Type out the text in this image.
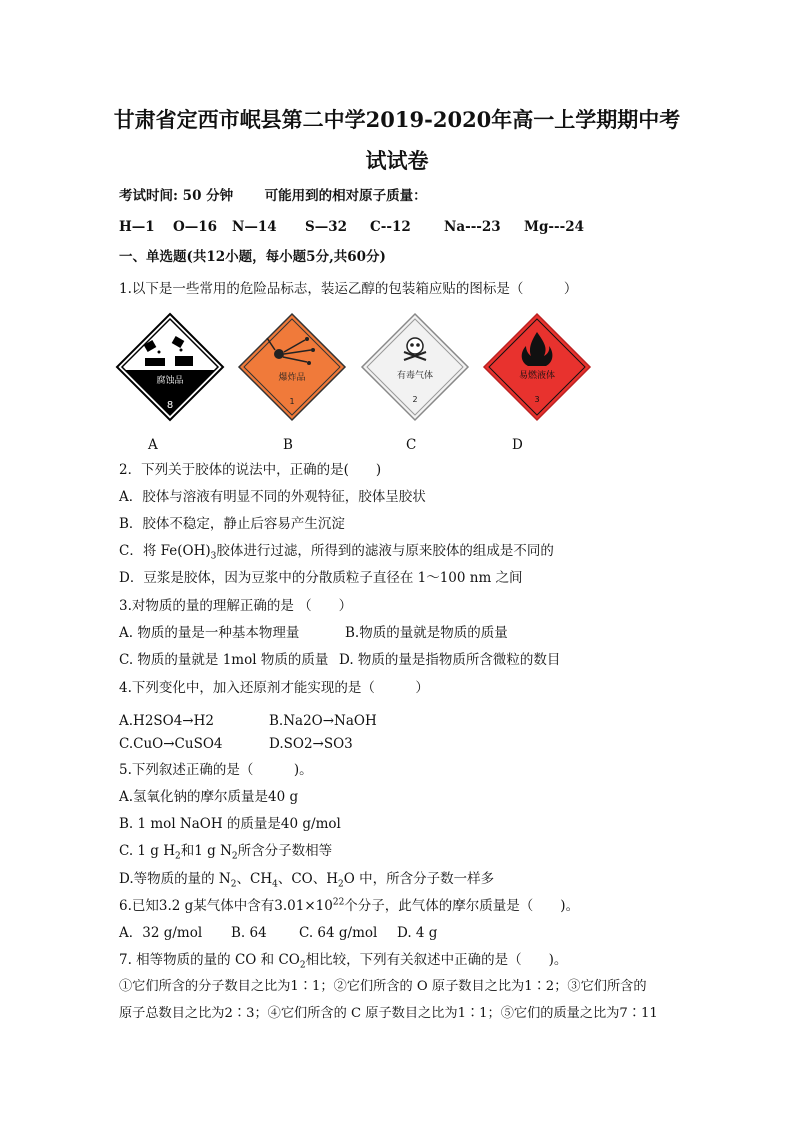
甘肃省定西市岷县第二中学2019-2020年高一上学期期中考
试试卷
考试时间: 50 分钟 可能用到的相对原子质量：
H—1 O—16 N—14 S—32 C--12 Na---23 Mg---24
一、单选题(共12小题，每小题5分,共60分)
1.以下是一些常用的危险品标志，装运乙醇的包装箱应贴的图标是（　　　）
腐蚀品
8
爆炸品
1
有毒气体
2
易燃液体
3
A	B	C	D
2．下列关于胶体的说法中，正确的是(　　)
A．胶体与溶液有明显不同的外观特征，胶体呈胶状
B．胶体不稳定，静止后容易产生沉淀
C．将 $Fe(OH)_3$胶体进行过滤，所得到的滤液与原来胶体的组成是不同的
D．豆浆是胶体，因为豆浆中的分散质粒子直径在 1～100 nm 之间
3.对物质的量的理解正确的是 （　　）
A. 物质的量是一种基本物理量	B.物质的量就是物质的质量
C. 物质的量就是 1mol 物质的质量 D. 物质的量是指物质所含微粒的数目
4.下列变化中，加入还原剂才能实现的是（　　　）
A.H2SO4→H2	B.Na2O→NaOH
C.CuO→CuSO4	D.SO2→SO3
5.下列叙述正确的是（　　　)。
A.氢氧化钠的摩尔质量是40 g
B. 1 mol NaOH 的质量是40 g/mol
C. 1 g $H_2$和1 g $N_2$所含分子数相等
D.等物质的量的 $N_2$、$CH_4$、CO、$H_2O$ 中，所含分子数一样多
6.已知3.2 g某气体中含有$3.01\times 10^{22}$个分子，此气体的摩尔质量是（　　)。
A．32 g/mol B. 64 C. 64 g/mol D. 4 g
7. 相等物质的量的 CO 和 $CO_2$相比较，下列有关叙述中正确的是（　　)。
①它们所含的分子数目之比为1∶1；②它们所含的 O 原子数目之比为1∶2；③它们所含的
原子总数目之比为2∶3；④它们所含的 C 原子数目之比为1∶1；⑤它们的质量之比为7∶11
